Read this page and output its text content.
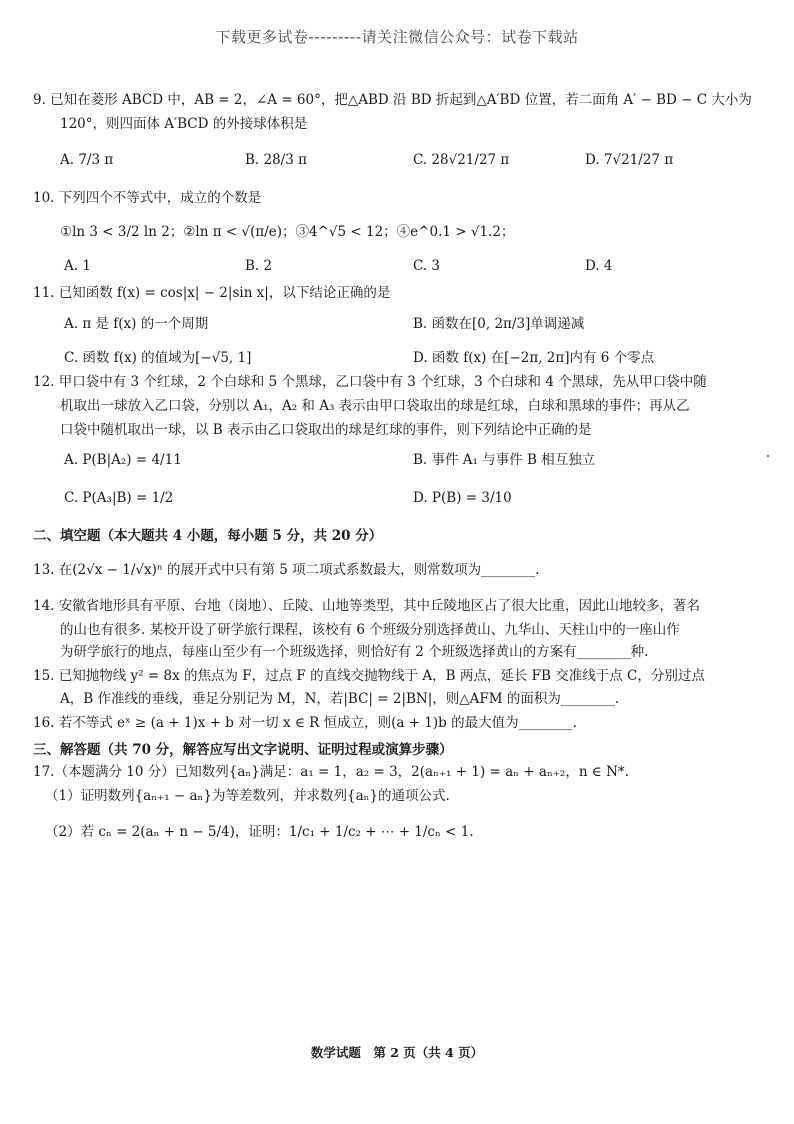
下载更多试卷---------请关注微信公众号：试卷下载站
9. 已知在菱形 ABCD 中，AB = 2，∠A = 60°，把△ABD 沿 BD 折起到△A′BD 位置，若二面角 A′ − BD − C 大小为
120°，则四面体 A′BCD 的外接球体积是
A. 7/3 π	B. 28/3 π	C. 28√21/27 π	D. 7√21/27 π
10. 下列四个不等式中，成立的个数是
①ln 3 < 3/2 ln 2；②ln π < √(π/e)；③4^√5 < 12；④e^0.1 > √1.2；
A. 1	B. 2	C. 3	D. 4
11. 已知函数 f(x) = cos|x| − 2|sin x|，以下结论正确的是
A. π 是 f(x) 的一个周期	B. 函数在[0, 2π/3]单调递减
C. 函数 f(x) 的值域为[−√5, 1]	D. 函数 f(x) 在[−2π, 2π]内有 6 个零点
12. 甲口袋中有 3 个红球，2 个白球和 5 个黑球，乙口袋中有 3 个红球，3 个白球和 4 个黑球，先从甲口袋中随
机取出一球放入乙口袋，分别以 A₁，A₂ 和 A₃ 表示由甲口袋取出的球是红球，白球和黑球的事件；再从乙
口袋中随机取出一球，以 B 表示由乙口袋取出的球是红球的事件，则下列结论中正确的是
A. P(B|A₂) = 4/11	B. 事件 A₁ 与事件 B 相互独立
C. P(A₃|B) = 1/2	D. P(B) = 3/10
二、填空题（本大题共 4 小题，每小题 5 分，共 20 分）
13. 在(2√x − 1/√x)ⁿ 的展开式中只有第 5 项二项式系数最大，则常数项为________.
14. 安徽省地形具有平原、台地（岗地）、丘陵、山地等类型，其中丘陵地区占了很大比重，因此山地较多，著名
的山也有很多. 某校开设了研学旅行课程，该校有 6 个班级分别选择黄山、九华山、天柱山中的一座山作
为研学旅行的地点，每座山至少有一个班级选择，则恰好有 2 个班级选择黄山的方案有________种.
15. 已知抛物线 y² = 8x 的焦点为 F，过点 F 的直线交抛物线于 A，B 两点，延长 FB 交准线于点 C，分别过点
A，B 作准线的垂线，垂足分别记为 M，N，若|BC| = 2|BN|，则△AFM 的面积为________.
16. 若不等式 eˣ ≥ (a + 1)x + b 对一切 x ∈ R 恒成立，则(a + 1)b 的最大值为________.
三、解答题（共 70 分，解答应写出文字说明、证明过程或演算步骤）
17.（本题满分 10 分）已知数列{aₙ}满足：a₁ = 1，a₂ = 3，2(aₙ₊₁ + 1) = aₙ + aₙ₊₂，n ∈ N*.
（1）证明数列{aₙ₊₁ − aₙ}为等差数列，并求数列{aₙ}的通项公式.
（2）若 cₙ = 2(aₙ + n − 5/4)，证明：1/c₁ + 1/c₂ + ⋯ + 1/cₙ < 1.
数学试题　第 2 页（共 4 页）
